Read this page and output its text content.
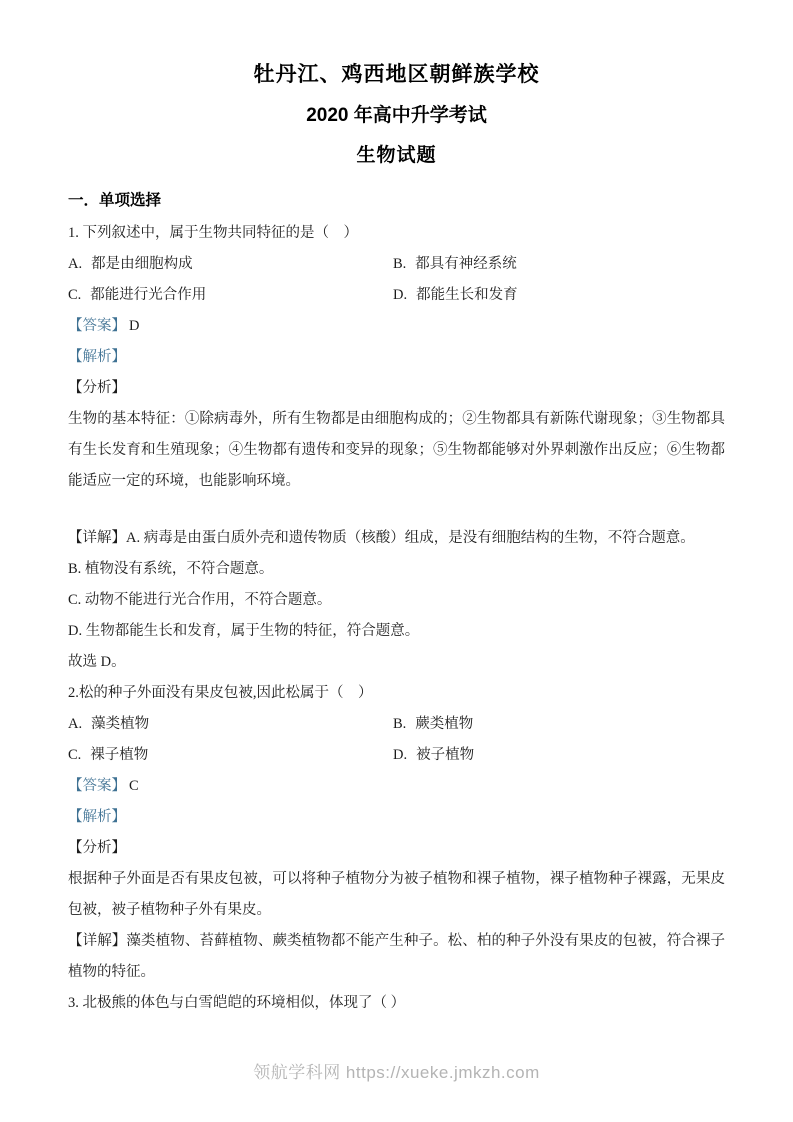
牡丹江、鸡西地区朝鲜族学校
2020 年高中升学考试
生物试题
一．单项选择

1. 下列叙述中，属于生物共同特征的是（　）

A. 都是由细胞构成	B. 都具有神经系统

C. 都能进行光合作用	D. 都能生长和发育

【答案】 D

【解析】

【分析】

生物的基本特征：①除病毒外，所有生物都是由细胞构成的；②生物都具有新陈代谢现象；③生物都具有生长发育和生殖现象；④生物都有遗传和变异的现象；⑤生物都能够对外界刺激作出反应；⑥生物都能适应一定的环境，也能影响环境。

【详解】A. 病毒是由蛋白质外壳和遗传物质（核酸）组成，是没有细胞结构的生物，不符合题意。

B. 植物没有系统，不符合题意。

C. 动物不能进行光合作用，不符合题意。

D. 生物都能生长和发育，属于生物的特征，符合题意。

故选 D。

2.松的种子外面没有果皮包被,因此松属于（　）

A. 藻类植物	B. 蕨类植物

C. 裸子植物	D. 被子植物

【答案】 C

【解析】

【分析】

根据种子外面是否有果皮包被，可以将种子植物分为被子植物和裸子植物，裸子植物种子裸露，无果皮包被，被子植物种子外有果皮。

【详解】藻类植物、苔藓植物、蕨类植物都不能产生种子。松、柏的种子外没有果皮的包被，符合裸子植物的特征。

3. 北极熊的体色与白雪皑皑的环境相似，体现了（ ）

领航学科网 https://xueke.jmkzh.com
